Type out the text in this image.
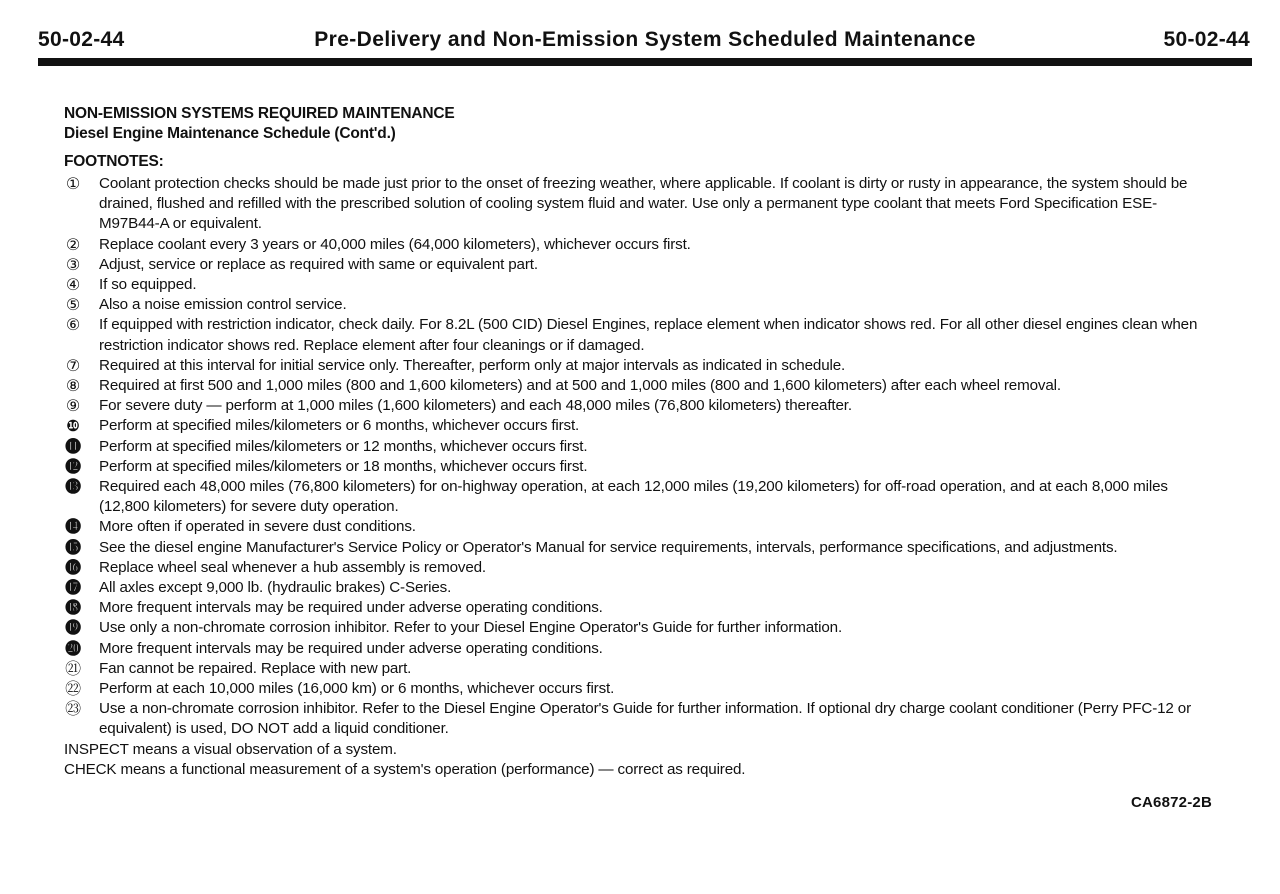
50-02-44	Pre-Delivery and Non-Emission System Scheduled Maintenance	50-02-44
NON-EMISSION SYSTEMS REQUIRED MAINTENANCE
Diesel Engine Maintenance Schedule (Cont'd.)
FOOTNOTES:
① Coolant protection checks should be made just prior to the onset of freezing weather, where applicable. If coolant is dirty or rusty in appearance, the system should be drained, flushed and refilled with the prescribed solution of cooling system fluid and water. Use only a permanent type coolant that meets Ford Specification ESE-M97B44-A or equivalent.
② Replace coolant every 3 years or 40,000 miles (64,000 kilometers), whichever occurs first.
③ Adjust, service or replace as required with same or equivalent part.
④ If so equipped.
⑤ Also a noise emission control service.
⑥ If equipped with restriction indicator, check daily. For 8.2L (500 CID) Diesel Engines, replace element when indicator shows red. For all other diesel engines clean when restriction indicator shows red. Replace element after four cleanings or if damaged.
⑦ Required at this interval for initial service only. Thereafter, perform only at major intervals as indicated in schedule.
⑧ Required at first 500 and 1,000 miles (800 and 1,600 kilometers) and at 500 and 1,000 miles (800 and 1,600 kilometers) after each wheel removal.
⑨ For severe duty — perform at 1,000 miles (1,600 kilometers) and each 48,000 miles (76,800 kilometers) thereafter.
❿ Perform at specified miles/kilometers or 6 months, whichever occurs first.
⓫ Perform at specified miles/kilometers or 12 months, whichever occurs first.
⓬ Perform at specified miles/kilometers or 18 months, whichever occurs first.
⓭ Required each 48,000 miles (76,800 kilometers) for on-highway operation, at each 12,000 miles (19,200 kilometers) for off-road operation, and at each 8,000 miles (12,800 kilometers) for severe duty operation.
⓮ More often if operated in severe dust conditions.
⓯ See the diesel engine Manufacturer's Service Policy or Operator's Manual for service requirements, intervals, performance specifications, and adjustments.
⓰ Replace wheel seal whenever a hub assembly is removed.
⓱ All axles except 9,000 lb. (hydraulic brakes) C-Series.
⓲ More frequent intervals may be required under adverse operating conditions.
⓳ Use only a non-chromate corrosion inhibitor. Refer to your Diesel Engine Operator's Guide for further information.
⓴ More frequent intervals may be required under adverse operating conditions.
㉑ Fan cannot be repaired. Replace with new part.
㉒ Perform at each 10,000 miles (16,000 km) or 6 months, whichever occurs first.
㉓ Use a non-chromate corrosion inhibitor. Refer to the Diesel Engine Operator's Guide for further information. If optional dry charge coolant conditioner (Perry PFC-12 or equivalent) is used, DO NOT add a liquid conditioner.
INSPECT means a visual observation of a system.
CHECK means a functional measurement of a system's operation (performance) — correct as required.
CA6872-2B
